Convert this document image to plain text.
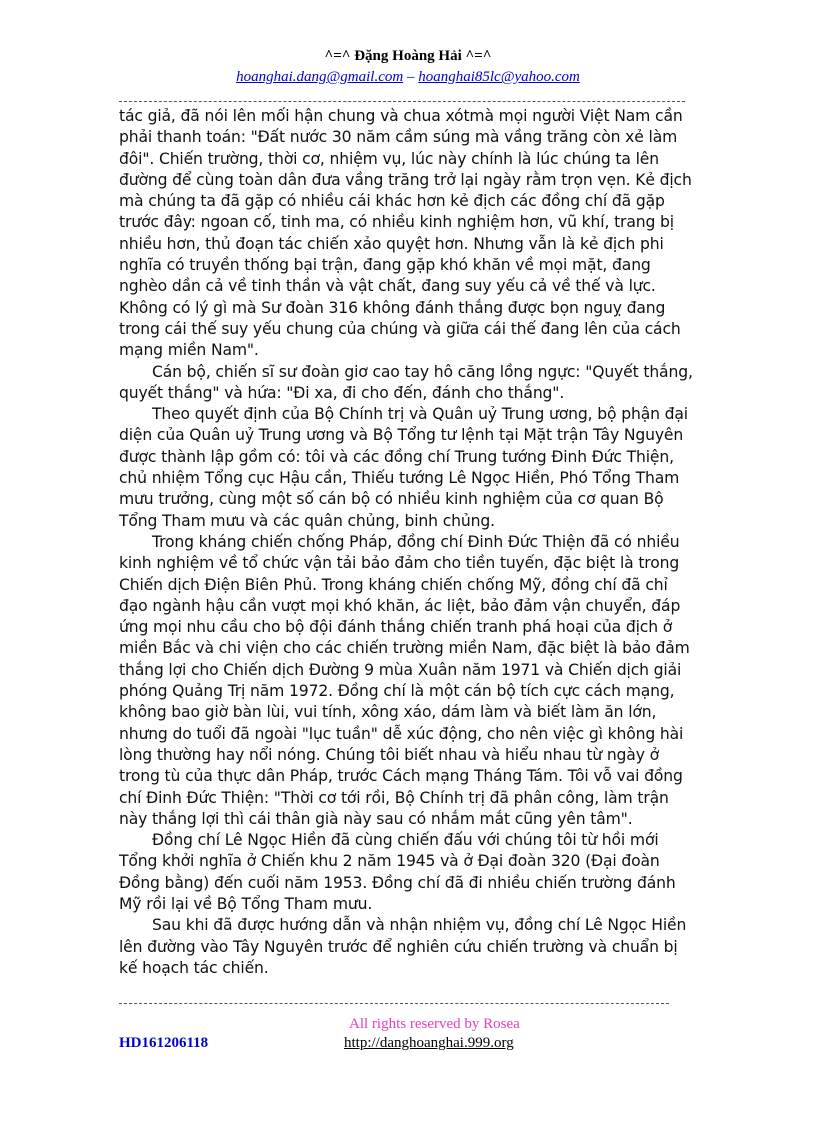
^=^ Đặng Hoàng Hải ^=^
hoanghai.dang@gmail.com – hoanghai85lc@yahoo.com

tác giả, đã nói lên mối hận chung và chua xótmà mọi người Việt Nam cần phải thanh toán: "Đất nước 30 năm cầm súng mà vầng trăng còn xẻ làm đôi". Chiến trường, thời cơ, nhiệm vụ, lúc này chính là lúc chúng ta lên đường để cùng toàn dân đưa vầng trăng trở lại ngày rằm trọn vẹn. Kẻ địch mà chúng ta đã gặp có nhiều cái khác hơn kẻ địch các đồng chí đã gặp trước đây: ngoan cố, tinh ma, có nhiều kinh nghiệm hơn, vũ khí, trang bị nhiều hơn, thủ đoạn tác chiến xảo quyệt hơn. Nhưng vẫn là kẻ địch phi nghĩa có truyền thống bại trận, đang gặp khó khăn về mọi mặt, đang nghèo dần cả về tinh thần và vật chất, đang suy yếu cả về thế và lực. Không có lý gì mà Sư đoàn 316 không đánh thắng được bọn nguỵ đang trong cái thế suy yếu chung của chúng và giữa cái thế đang lên của cách mạng miền Nam".

Cán bộ, chiến sĩ sư đoàn giơ cao tay hô căng lồng ngực: "Quyết thắng, quyết thắng" và hứa: "Đi xa, đi cho đến, đánh cho thắng".

Theo quyết định của Bộ Chính trị và Quân uỷ Trung ương, bộ phận đại diện của Quân uỷ Trung ương và Bộ Tổng tư lệnh tại Mặt trận Tây Nguyên được thành lập gồm có: tôi và các đồng chí Trung tướng Đinh Đức Thiện, chủ nhiệm Tổng cục Hậu cần, Thiếu tướng Lê Ngọc Hiền, Phó Tổng Tham mưu trưởng, cùng một số cán bộ có nhiều kinh nghiệm của cơ quan Bộ Tổng Tham mưu và các quân chủng, binh chủng.

Trong kháng chiến chống Pháp, đồng chí Đinh Đức Thiện đã có nhiều kinh nghiệm về tổ chức vận tải bảo đảm cho tiền tuyến, đặc biệt là trong Chiến dịch Điện Biên Phủ. Trong kháng chiến chống Mỹ, đồng chí đã chỉ đạo ngành hậu cần vượt mọi khó khăn, ác liệt, bảo đảm vận chuyển, đáp ứng mọi nhu cầu cho bộ đội đánh thắng chiến tranh phá hoại của địch ở miền Bắc và chi viện cho các chiến trường miền Nam, đặc biệt là bảo đảm thắng lợi cho Chiến dịch Đường 9 mùa Xuân năm 1971 và Chiến dịch giải phóng Quảng Trị năm 1972. Đồng chí là một cán bộ tích cực cách mạng, không bao giờ bàn lùi, vui tính, xông xáo, dám làm và biết làm ăn lớn, nhưng do tuổi đã ngoài "lục tuần" dễ xúc động, cho nên việc gì không hài lòng thường hay nổi nóng. Chúng tôi biết nhau và hiểu nhau từ ngày ở trong tù của thực dân Pháp, trước Cách mạng Tháng Tám. Tôi vỗ vai đồng chí Đinh Đức Thiện: "Thời cơ tới rồi, Bộ Chính trị đã phân công, làm trận này thắng lợi thì cái thân già này sau có nhắm mắt cũng yên tâm".

Đồng chí Lê Ngọc Hiền đã cùng chiến đấu với chúng tôi từ hồi mới Tổng khởi nghĩa ở Chiến khu 2 năm 1945 và ở Đại đoàn 320 (Đại đoàn Đồng bằng) đến cuối năm 1953. Đồng chí đã đi nhiều chiến trường đánh Mỹ rồi lại về Bộ Tổng Tham mưu.

Sau khi đã được hướng dẫn và nhận nhiệm vụ, đồng chí Lê Ngọc Hiền lên đường vào Tây Nguyên trước để nghiên cứu chiến trường và chuẩn bị kế hoạch tác chiến.

All rights reserved by Rosea
HD161206118	http://danghoanghai.999.org
